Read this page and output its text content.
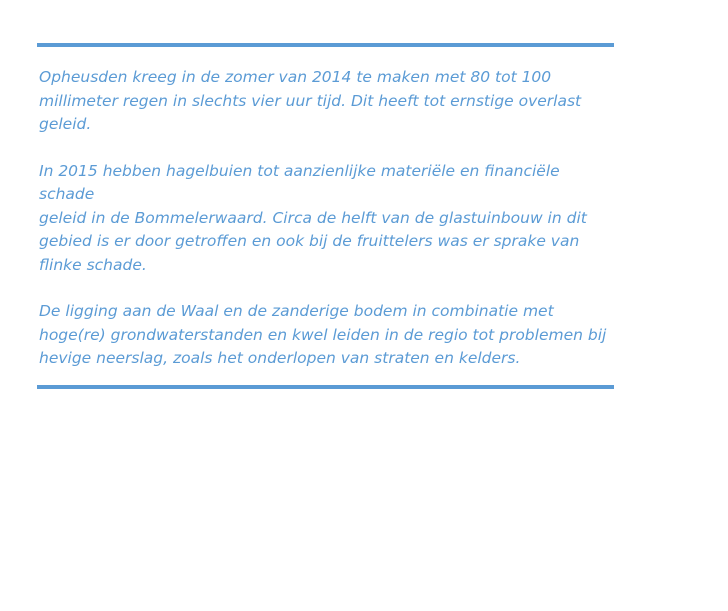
Opheusden kreeg in de zomer van 2014 te maken met 80 tot 100
millimeter regen in slechts vier uur tijd. Dit heeft tot ernstige overlast
geleid.

In 2015 hebben hagelbuien tot aanzienlijke materiële en financiële schade
geleid in de Bommelerwaard. Circa de helft van de glastuinbouw in dit
gebied is er door getroffen en ook bij de fruittelers was er sprake van
flinke schade.

De ligging aan de Waal en de zanderige bodem in combinatie met
hoge(re) grondwaterstanden en kwel leiden in de regio tot problemen bij
hevige neerslag, zoals het onderlopen van straten en kelders.
